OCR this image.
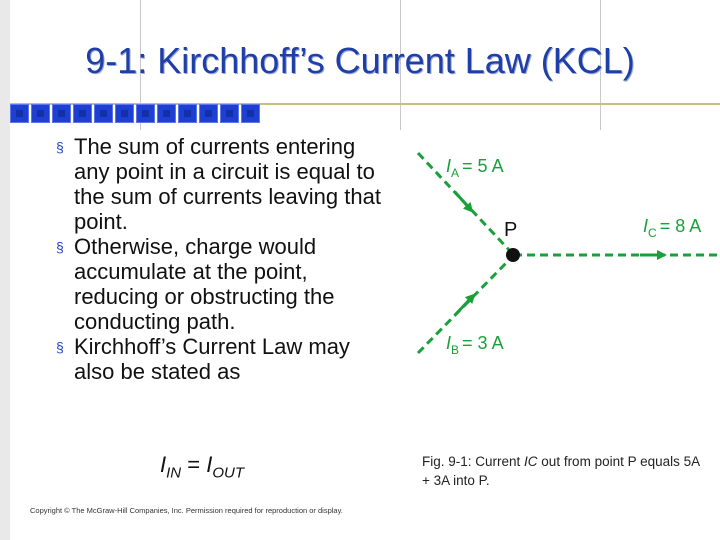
9-1: Kirchhoff’s Current Law (KCL)
§ The sum of currents entering any point in a circuit is equal to the sum of currents leaving that point.
§ Otherwise, charge would accumulate at the point, reducing or obstructing the conducting path.
§ Kirchhoff’s Current Law may also be stated as
$I_{IN} = I_{OUT}$
Copyright © The McGraw-Hill Companies, Inc. Permission required for reproduction or display.
P
$I_A = 5$ A
$I_B = 3$ A
$I_C = 8$ A
Fig. 9-1: Current IC out from point P equals 5A + 3A into P.
